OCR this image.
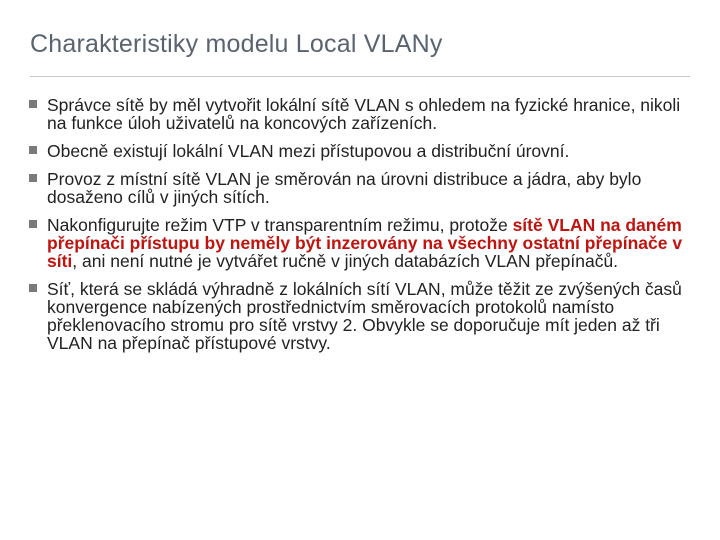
Charakteristiky modelu Local VLANy
Správce sítě by měl vytvořit lokální sítě VLAN s ohledem na fyzické hranice, nikoli na funkce úloh uživatelů na koncových zařízeních.
Obecně existují lokální VLAN mezi přístupovou a distribuční úrovní.
Provoz z místní sítě VLAN je směrován na úrovni distribuce a jádra, aby bylo dosaženo cílů v jiných sítích.
Nakonfigurujte režim VTP v transparentním režimu, protože sítě VLAN na daném přepínači přístupu by neměly být inzerovány na všechny ostatní přepínače v síti, ani není nutné je vytvářet ručně v jiných databázích VLAN přepínačů.
Síť, která se skládá výhradně z lokálních sítí VLAN, může těžit ze zvýšených časů konvergence nabízených prostřednictvím směrovacích protokolů namísto překlenovacího stromu pro sítě vrstvy 2. Obvykle se doporučuje mít jeden až tři VLAN na přepínač přístupové vrstvy.
